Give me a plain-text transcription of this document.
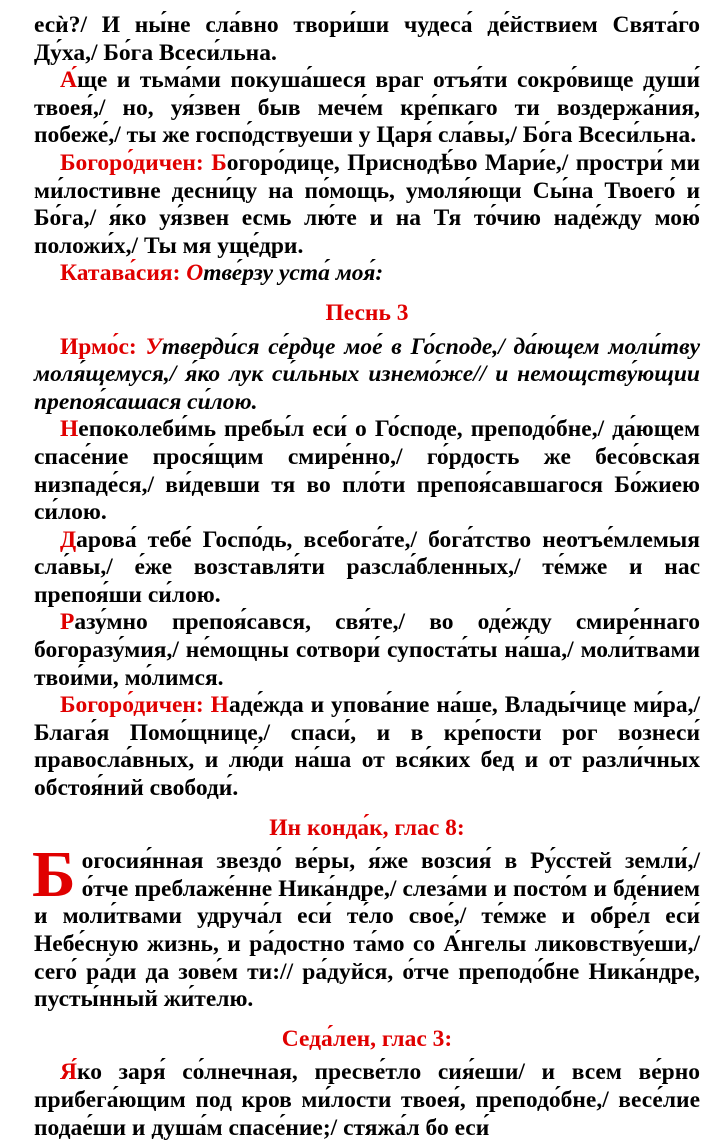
есѝ?/ И ны́не сла́вно твори́ши чудеса́ де́йствием Свята́го Ду́ха,/ Бо́га Всеси́льна.

А́ще и тьма́ми покуша́шеся враг отъя́ти сокро́вище души́ твоея́,/ но, уя́звен быв мече́м кре́пкаго ти воздержа́ния, побеже́,/ ты же госпо́дствуеши у Царя́ сла́вы,/ Бо́га Всеси́льна.

Богоро́дичен: Богоро́дице, Приснодѣ́во Мари́е,/ простри́ ми ми́лостивне десни́цу на по́мощь, умоля́ющи Сы́на Твоего́ и Бо́га,/ я́ко уя́звен есмь лю́те и на Тя то́чию наде́жду мою́ положи́х,/ Ты мя уще́дри.

Катава́сия: Отве́рзу уста́ моя́:

Песнь 3

Ирмо́с: Утверди́ся се́рдце мое́ в Го́споде,/ да́ющем моли́тву моля́щемуся,/ я́ко лук си́льных изнемо́же// и немощству́ющии препоя́сашася си́лою.

Непоколеби́мь пребы́л еси́ о Го́споде, преподо́бне,/ да́ющем спасе́ние прося́щим смире́нно,/ го́рдость же бесо́вская низпаде́ся,/ ви́девши тя во пло́ти препоя́савшагося Бо́жиею си́лою.

Дарова́ тебе́ Госпо́дь, всебога́те,/ бога́тство неотъе́млемыя сла́вы,/ е́же возставля́ти разсла́бленных,/ те́мже и нас препоя́ши си́лою.

Разу́мно препоя́сався, свя́те,/ во оде́жду смире́ннаго богоразу́мия,/ не́мощны сотвори́ супоста́ты на́ша,/ моли́твами твои́ми, мо́лимся.

Богоро́дичен: Наде́жда и упова́ние на́ше, Влады́чице ми́ра,/ Блага́я Помо́щнице,/ спаси́, и в кре́пости рог вознеси́ правосла́вных, и лю́ди на́ша от вся́ких бед и от разли́чных обстоя́ний свободи́.

Ин конда́к, глас 8:

Богосия́нная звездо́ ве́ры, я́же возсия́ в Ру́сстей земли́,/ о́тче преблаже́нне Ника́ндре,/ слеза́ми и посто́м и бде́нием и моли́твами удруча́л еси́ те́ло свое́,/ те́мже и обре́л еси́ Небе́сную жизнь, и ра́достно та́мо со А́нгелы ликовству́еши,/ сего́ ра́ди да зове́м ти:// ра́дуйся, о́тче преподо́бне Ника́ндре, пусты́нный жи́телю.

Седа́лен, глас 3:

Я́ко заря́ со́лнечная, пресве́тло сия́еши/ и всем ве́рно прибега́ющим под кров ми́лости твоея́, преподо́бне,/ весе́лие подае́ши и душа́м спасе́ние;/ стяжа́л бо еси́
